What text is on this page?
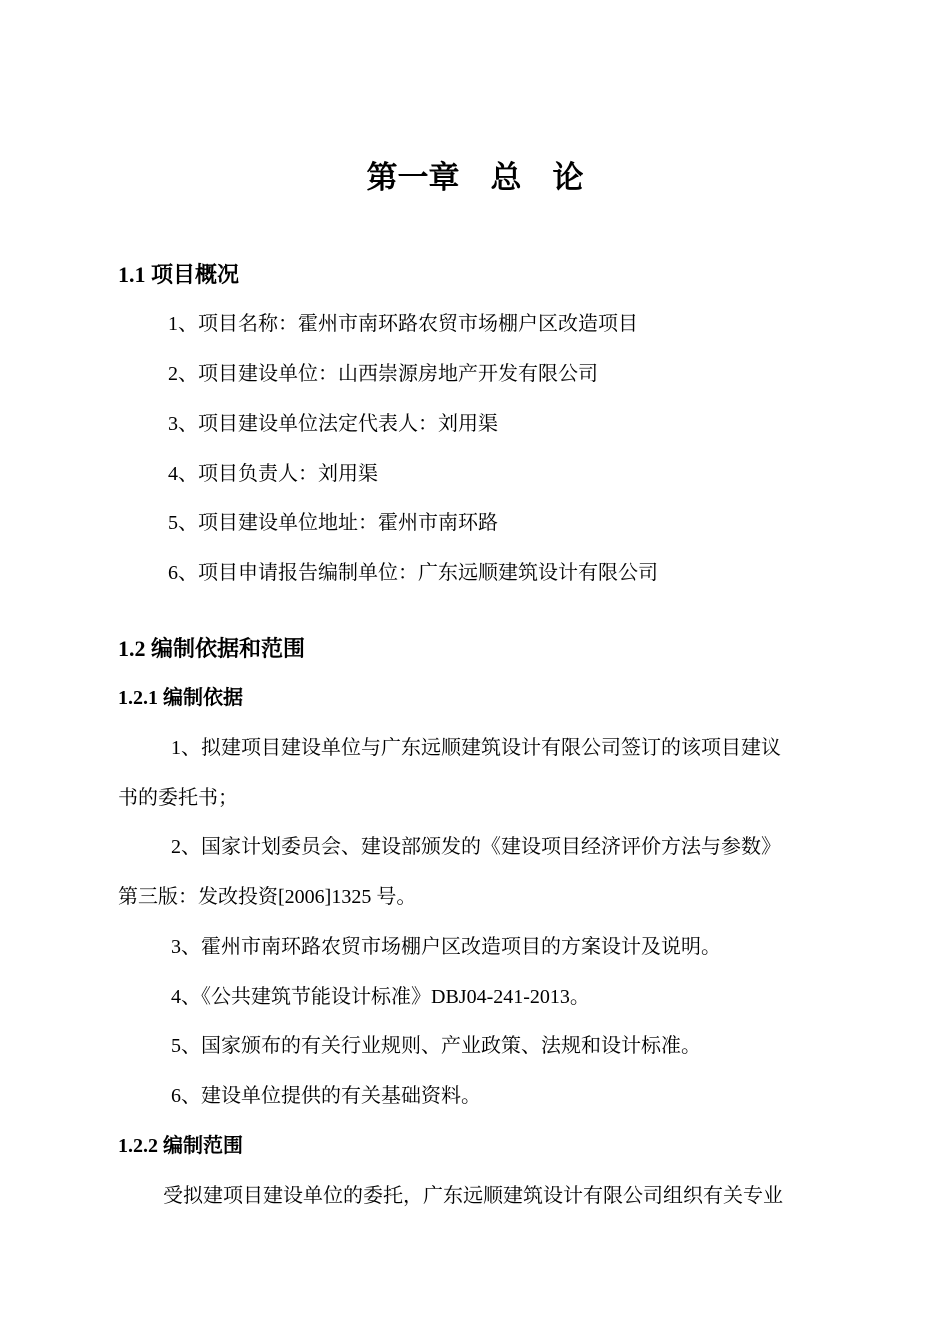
第一章　总　论
1.1 项目概况

1、项目名称：霍州市南环路农贸市场棚户区改造项目

2、项目建设单位：山西崇源房地产开发有限公司

3、项目建设单位法定代表人：刘用渠

4、项目负责人：刘用渠

5、项目建设单位地址：霍州市南环路

6、项目申请报告编制单位：广东远顺建筑设计有限公司

1.2 编制依据和范围
1.2.1 编制依据

1、拟建项目建设单位与广东远顺建筑设计有限公司签订的该项目建议

书的委托书；

2、国家计划委员会、建设部颁发的《建设项目经济评价方法与参数》

第三版：发改投资[2006]1325 号。

3、霍州市南环路农贸市场棚户区改造项目的方案设计及说明。

4、《公共建筑节能设计标准》DBJ04-241-2013。

5、国家颁布的有关行业规则、产业政策、法规和设计标准。

6、建设单位提供的有关基础资料。

1.2.2 编制范围

受拟建项目建设单位的委托，广东远顺建筑设计有限公司组织有关专业
